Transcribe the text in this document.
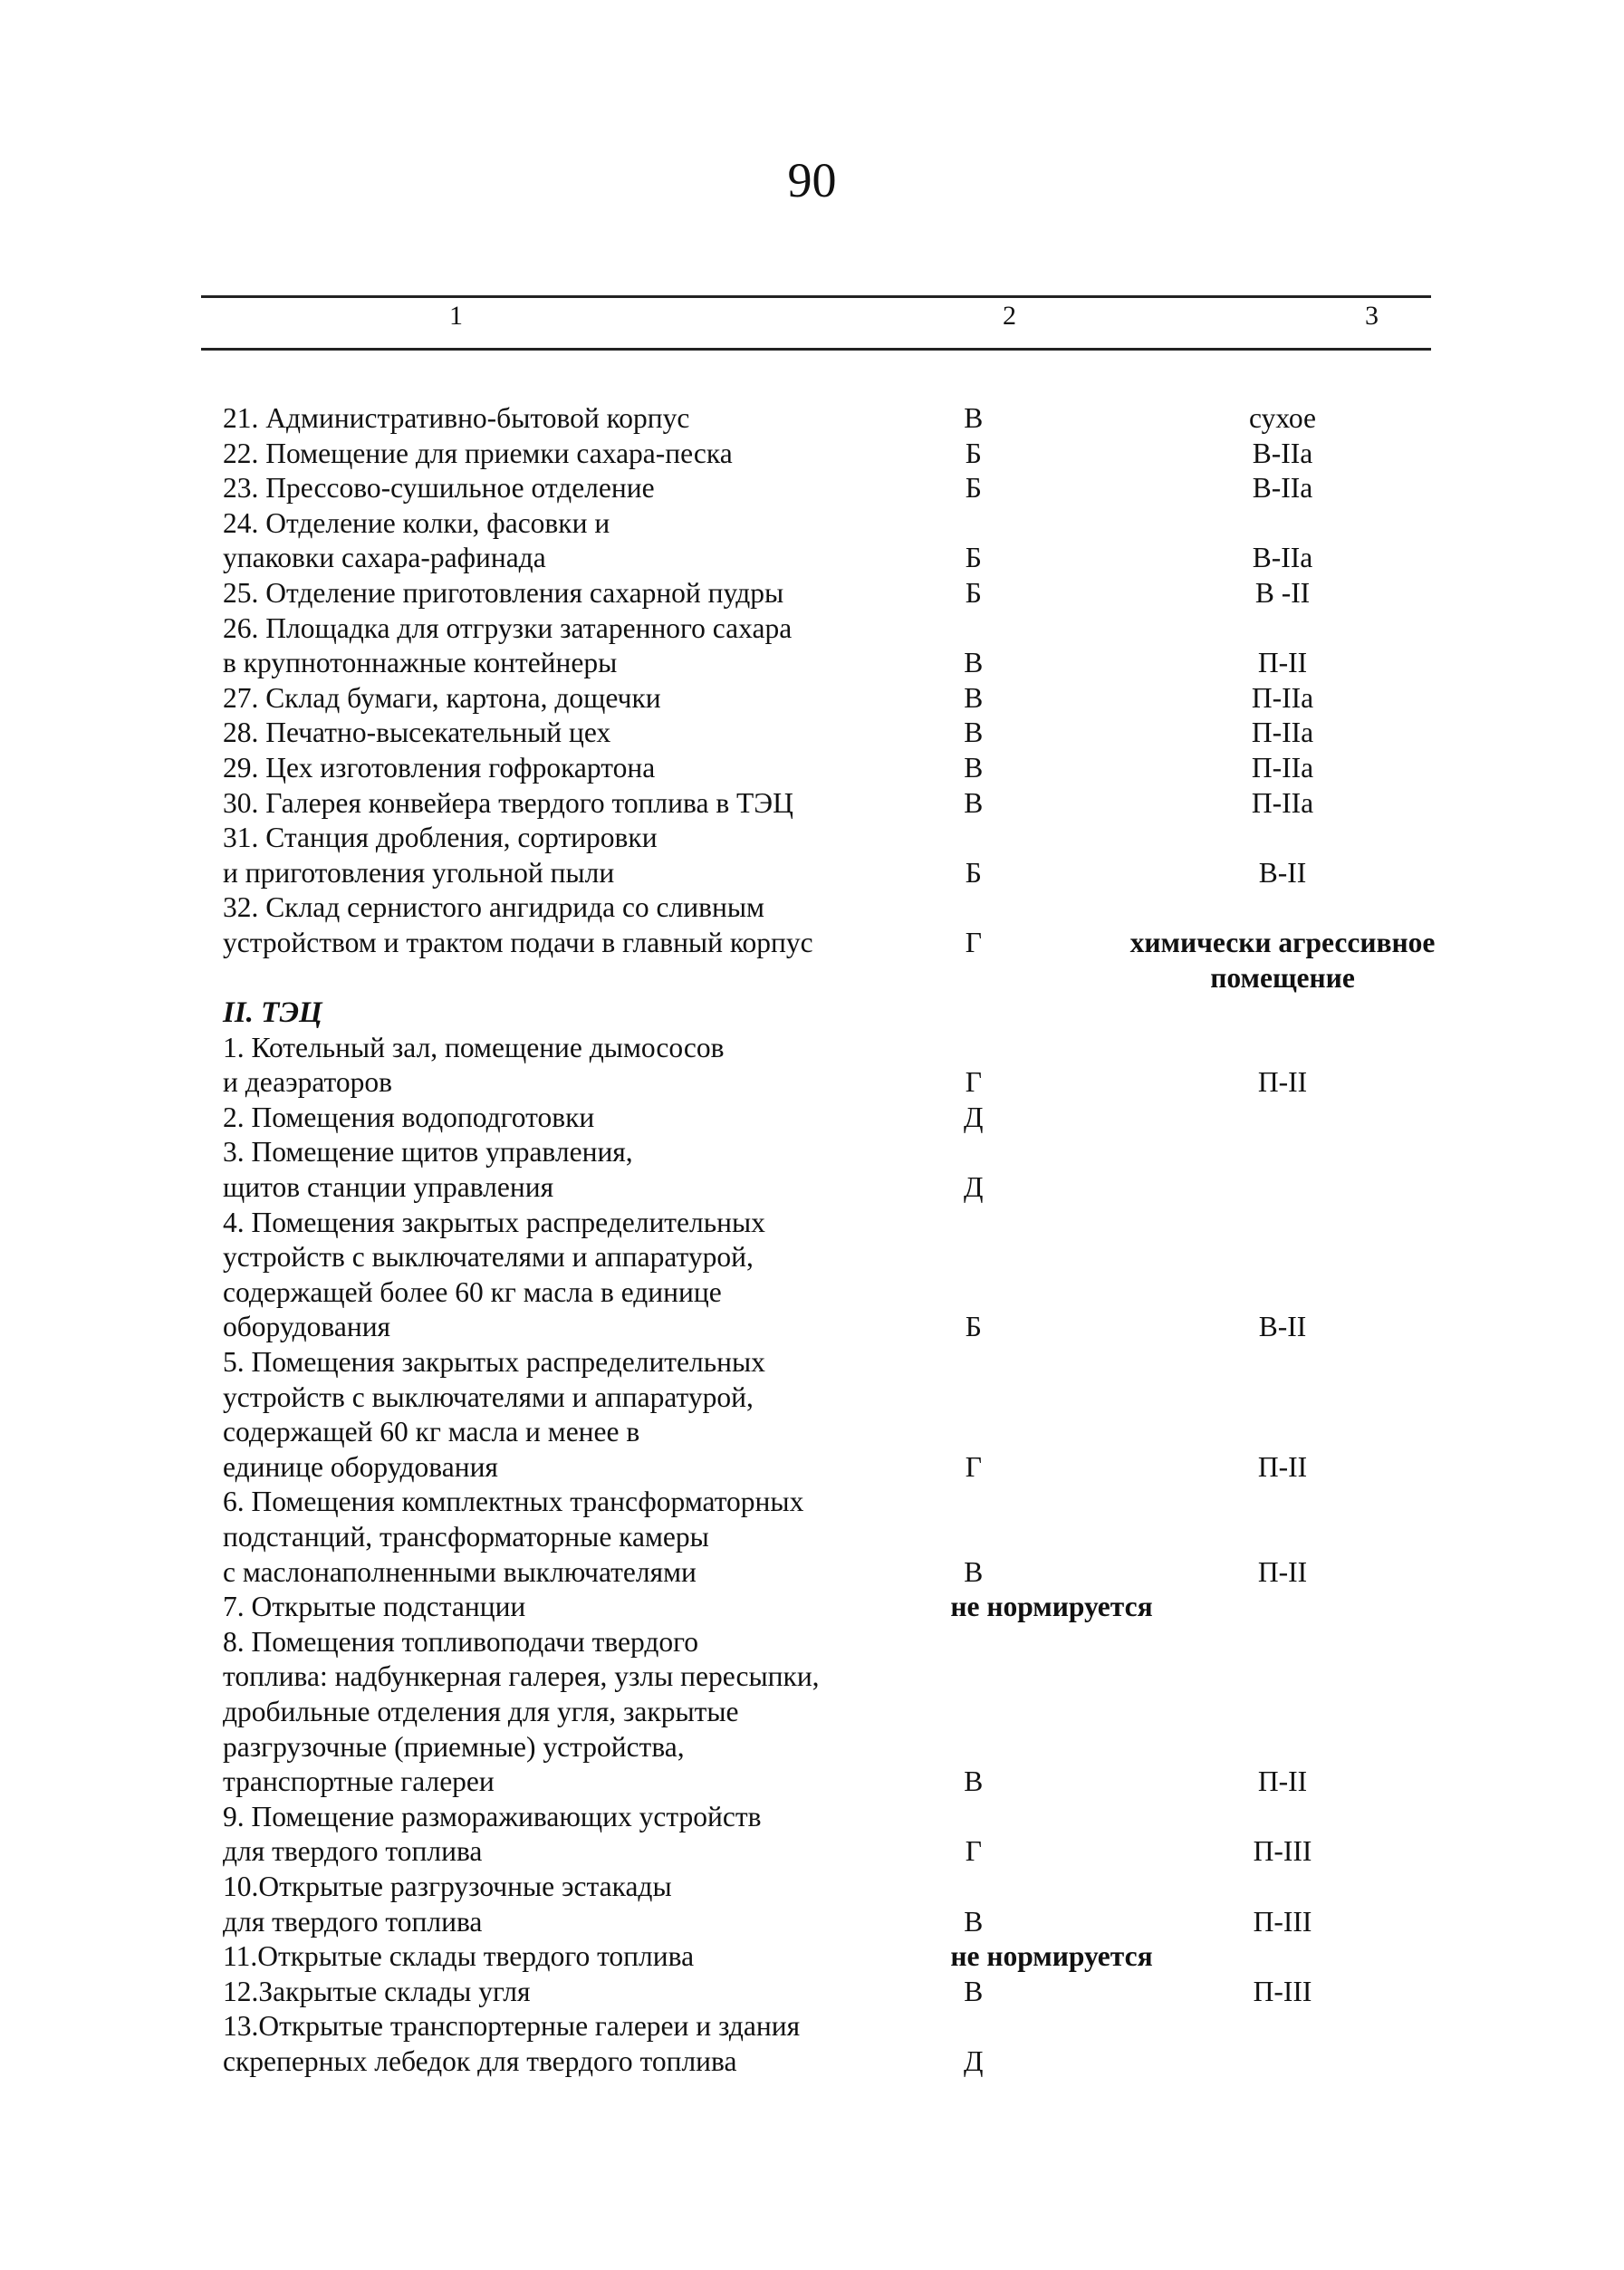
90
1	2	3
21. Административно-бытовой корпус	В	сухое
22. Помещение для приемки сахара-песка	Б	В-IIа
23. Прессово-сушильное отделение	Б	В-IIа
24. Отделение колки, фасовки и
упаковки сахара-рафинада	Б	В-IIа
25. Отделение приготовления сахарной пудры	Б	В -II
26. Площадка для отгрузки затаренного сахара
в крупнотоннажные контейнеры	В	П-II
27. Склад бумаги, картона, дощечки	В	П-IIа
28. Печатно-высекательный цех	В	П-IIа
29. Цех изготовления гофрокартона	В	П-IIа
30. Галерея конвейера твердого топлива в ТЭЦ	В	П-IIа
31. Станция дробления, сортировки
и приготовления угольной пыли	Б	В-II
32. Склад сернистого ангидрида со сливным
устройством и трактом подачи в главный корпус	Г	химически агрессивное
помещение
II. ТЭЦ
1. Котельный зал, помещение дымососов
и деаэраторов	Г	П-II
2. Помещения водоподготовки	Д
3. Помещение щитов управления,
щитов станции управления	Д
4. Помещения закрытых распределительных
устройств с выключателями и аппаратурой,
содержащей более 60 кг масла в единице
оборудования	Б	В-II
5. Помещения закрытых распределительных
устройств с выключателями и аппаратурой,
содержащей 60 кг масла и менее в
единице оборудования	Г	П-II
6. Помещения комплектных трансформаторных
подстанций, трансформаторные камеры
с маслонаполненными выключателями	В	П-II
7. Открытые подстанции	не нормируется
8. Помещения топливоподачи твердого
топлива: надбункерная галерея, узлы пересыпки,
дробильные отделения для угля, закрытые
разгрузочные (приемные) устройства,
транспортные галереи	В	П-II
9. Помещение размораживающих устройств
для твердого топлива	Г	П-III
10.Открытые разгрузочные эстакады
для твердого топлива	В	П-III
11.Открытые склады твердого топлива	не нормируется
12.Закрытые склады угля	В	П-III
13.Открытые транспортерные галереи и здания
скреперных лебедок для твердого топлива	Д
